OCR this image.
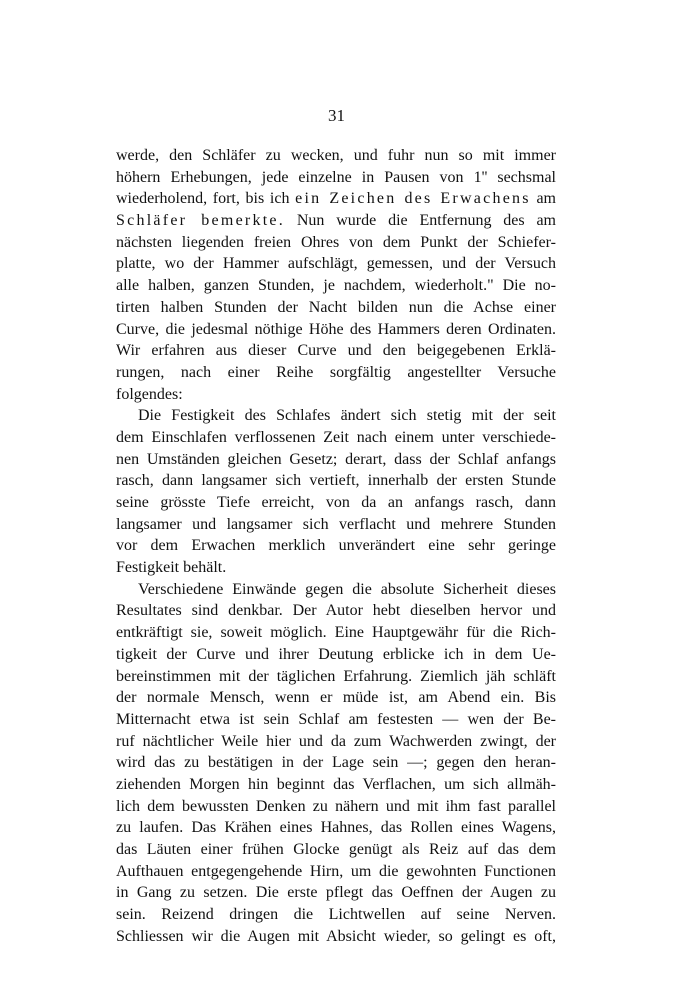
31
werde, den Schläfer zu wecken, und fuhr nun so mit immer
höhern Erhebungen, jede einzelne in Pausen von 1'' sechsmal
wiederholend, fort, bis ich ein Zeichen des Erwachens am
Schläfer bemerkte. Nun wurde die Entfernung des am
nächsten liegenden freien Ohres von dem Punkt der Schiefer-
platte, wo der Hammer aufschlägt, gemessen, und der Versuch
alle halben, ganzen Stunden, je nachdem, wiederholt." Die no-
tirten halben Stunden der Nacht bilden nun die Achse einer
Curve, die jedesmal nöthige Höhe des Hammers deren Ordinaten.
Wir erfahren aus dieser Curve und den beigegebenen Erklä-
rungen, nach einer Reihe sorgfältig angestellter Versuche
folgendes:
Die Festigkeit des Schlafes ändert sich stetig mit der seit
dem Einschlafen verflossenen Zeit nach einem unter verschiede-
nen Umständen gleichen Gesetz; derart, dass der Schlaf anfangs
rasch, dann langsamer sich vertieft, innerhalb der ersten Stunde
seine grösste Tiefe erreicht, von da an anfangs rasch, dann
langsamer und langsamer sich verflacht und mehrere Stunden
vor dem Erwachen merklich unverändert eine sehr geringe
Festigkeit behält.
Verschiedene Einwände gegen die absolute Sicherheit dieses
Resultates sind denkbar. Der Autor hebt dieselben hervor und
entkräftigt sie, soweit möglich. Eine Hauptgewähr für die Rich-
tigkeit der Curve und ihrer Deutung erblicke ich in dem Ue-
bereinstimmen mit der täglichen Erfahrung. Ziemlich jäh schläft
der normale Mensch, wenn er müde ist, am Abend ein. Bis
Mitternacht etwa ist sein Schlaf am festesten — wen der Be-
ruf nächtlicher Weile hier und da zum Wachwerden zwingt, der
wird das zu bestätigen in der Lage sein —; gegen den heran-
ziehenden Morgen hin beginnt das Verflachen, um sich allmäh-
lich dem bewussten Denken zu nähern und mit ihm fast parallel
zu laufen. Das Krähen eines Hahnes, das Rollen eines Wagens,
das Läuten einer frühen Glocke genügt als Reiz auf das dem
Aufthauen entgegengehende Hirn, um die gewohnten Functionen
in Gang zu setzen. Die erste pflegt das Oeffnen der Augen zu
sein. Reizend dringen die Lichtwellen auf seine Nerven.
Schliessen wir die Augen mit Absicht wieder, so gelingt es oft,
